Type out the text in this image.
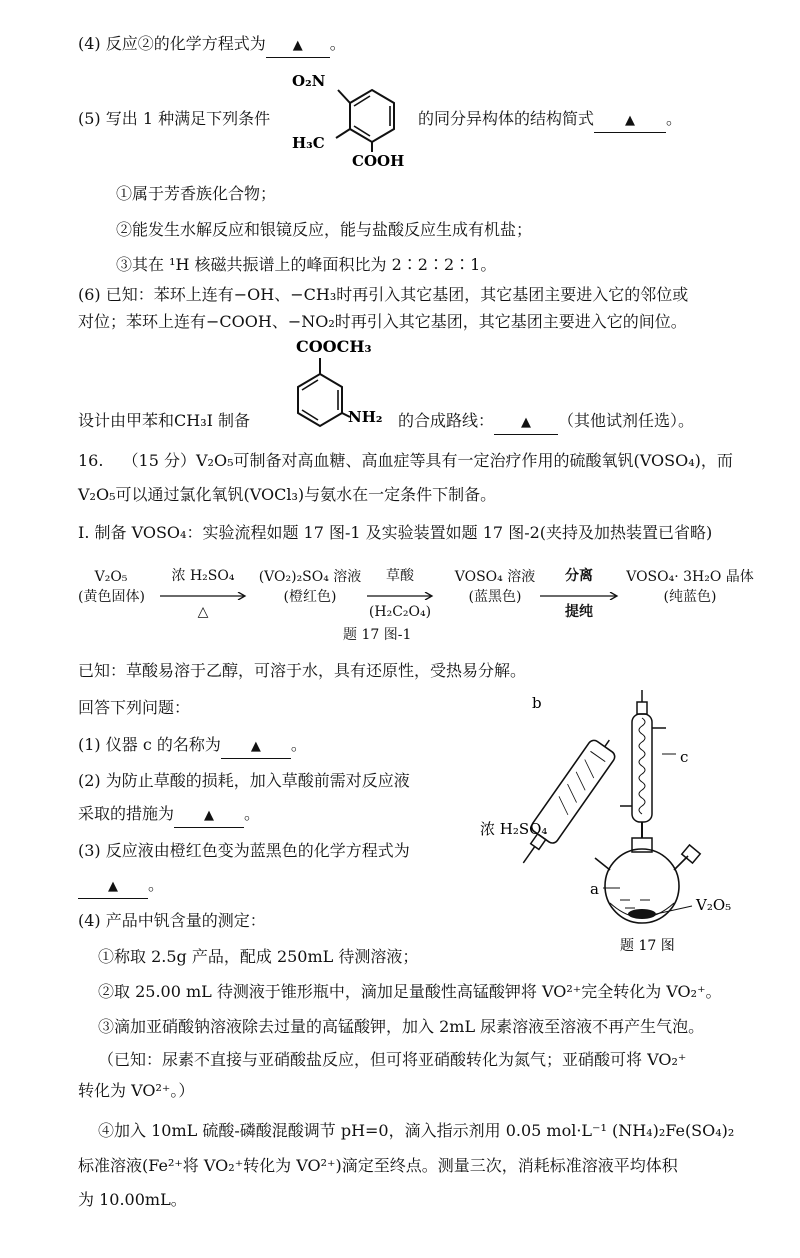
(4) 反应②的化学方程式为 ▲ 。
(5) 写出 1 种满足下列条件
O₂N
H₃C
COOH
的同分异构体的结构简式 ▲ 。
①属于芳香族化合物；
②能发生水解反应和银镜反应，能与盐酸反应生成有机盐；
③其在 ¹H 核磁共振谱上的峰面积比为 2∶2∶2∶1。
(6) 已知：苯环上连有−OH、−CH₃时再引入其它基团，其它基团主要进入它的邻位或
对位；苯环上连有−COOH、−NO₂时再引入其它基团，其它基团主要进入它的间位。
COOCH₃
NH₂
设计由甲苯和CH₃I 制备	的合成路线： ▲ （其他试剂任选）。
16. （15 分）V₂O₅可制备对高血糖、高血症等具有一定治疗作用的硫酸氧钒(VOSO₄)，而
V₂O₅可以通过氯化氧钒(VOCl₃)与氨水在一定条件下制备。
I. 制备 VOSO₄：实验流程如题 17 图-1 及实验装置如题 17 图-2(夹持及加热装置已省略)
V₂O₅
(黄色固体)
浓 H₂SO₄
△
(VO₂)₂SO₄ 溶液
(橙红色)
草酸
(H₂C₂O₄)
VOSO₄ 溶液
(蓝黑色)
分离
提纯
VOSO₄· 3H₂O 晶体
(纯蓝色)
题 17 图-1
已知：草酸易溶于乙醇，可溶于水，具有还原性，受热易分解。
回答下列问题：
(1) 仪器 c 的名称为 ▲ 。
(2) 为防止草酸的损耗，加入草酸前需对反应液
采取的措施为 ▲ 。
(3) 反应液由橙红色变为蓝黑色的化学方程式为
▲ 。
(4) 产品中钒含量的测定：
①称取 2.5g 产品，配成 250mL 待测溶液；
②取 25.00 mL 待测液于锥形瓶中，滴加足量酸性高锰酸钾将 VO²⁺完全转化为 VO₂⁺。
③滴加亚硝酸钠溶液除去过量的高锰酸钾，加入 2mL 尿素溶液至溶液不再产生气泡。
（已知：尿素不直接与亚硝酸盐反应，但可将亚硝酸转化为氮气；亚硝酸可将 VO₂⁺
转化为 VO²⁺。）
④加入 10mL 硫酸-磷酸混酸调节 pH=0，滴入指示剂用 0.05 mol·L⁻¹ (NH₄)₂Fe(SO₄)₂
标准溶液(Fe²⁺将 VO₂⁺转化为 VO²⁺)滴定至终点。测量三次，消耗标准溶液平均体积
为 10.00mL。
c
b
浓 H₂SO₄
a
V₂O₅
题 17 图
